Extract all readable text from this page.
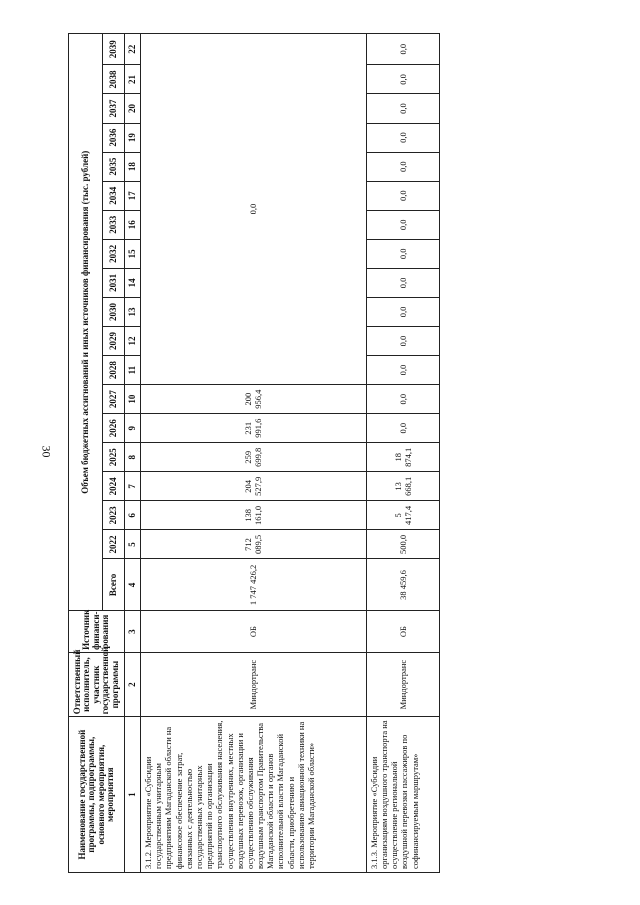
30
Наименование государственной программы, подпрограммы, основного мероприятия, мероприятия	Ответственный исполнитель, участник государственной программы	Источник финанси-рования	Объем бюджетных ассигнований и иных источников финансирования (тыс. рублей)																		
			Всего	2022	2023	2024	2025	2026	2027	2028	2029	2030	2031	2032	2033	2034	2035	2036	2037	2038	2039
1	2	3	4	5	6	7	8	9	10	11	12	13	14	15	16	17	18	19	20	21	22
3.1.2. Мероприятие «Субсидии государственным унитарным предприятиям Магаданской области на финансовое обеспечение затрат, связанных с деятельностью государственных унитарных предприятий по организации транспортного обслуживания населения, осуществления внутренних, местных воздушных перевозок, организации и осуществлению обслуживания воздушным транспортом Правительства Магаданской области и органов исполнительной власти Магаданской области, приобретению и использованию авиационной техники на территории Магаданской области»	Миндортранс	ОБ	1 747 426,2	712 089,5	138 161,0	204 527,9	259 699,8	231 991,6	200 956,4	0,0											
3.1.3. Мероприятие «Субсидии организациям воздушного транспорта на осуществление региональной воздушной перевозки пассажиров по софинансируемым маршрутам»	Миндортранс	ОБ	38 459,6	500,0	5 417,4	13 668,1	18 874,1	0,0	0,0	0,0	0,0	0,0	0,0	0,0	0,0	0,0	0,0	0,0	0,0	0,0	0,0
